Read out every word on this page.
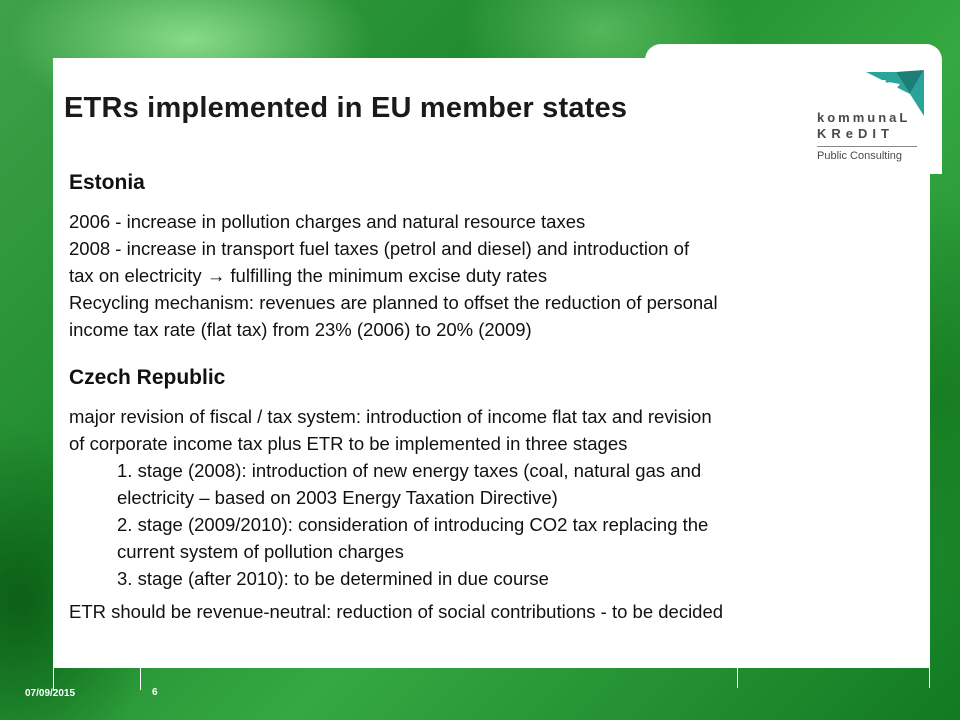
ETRs implemented in EU member states	kommunaL
KReDIT
Public Consulting
Estonia

2006 - increase in pollution charges and natural resource taxes

2008 - increase in transport fuel taxes (petrol and diesel) and introduction of

tax on electricity → fulfilling the minimum excise duty rates

Recycling mechanism: revenues are planned to offset the reduction of personal

income tax rate (flat tax) from 23% (2006) to 20% (2009)

Czech Republic

major revision of fiscal / tax system: introduction of income flat tax and revision

of corporate income tax plus ETR to be implemented in three stages

1. stage (2008): introduction of new energy taxes (coal, natural gas and

electricity – based on 2003 Energy Taxation Directive)

2. stage (2009/2010): consideration of introducing CO2 tax replacing the

current system of pollution charges

3. stage (after 2010): to be determined in due course

ETR should be revenue-neutral: reduction of social contributions - to be decided

07/09/2015	6
